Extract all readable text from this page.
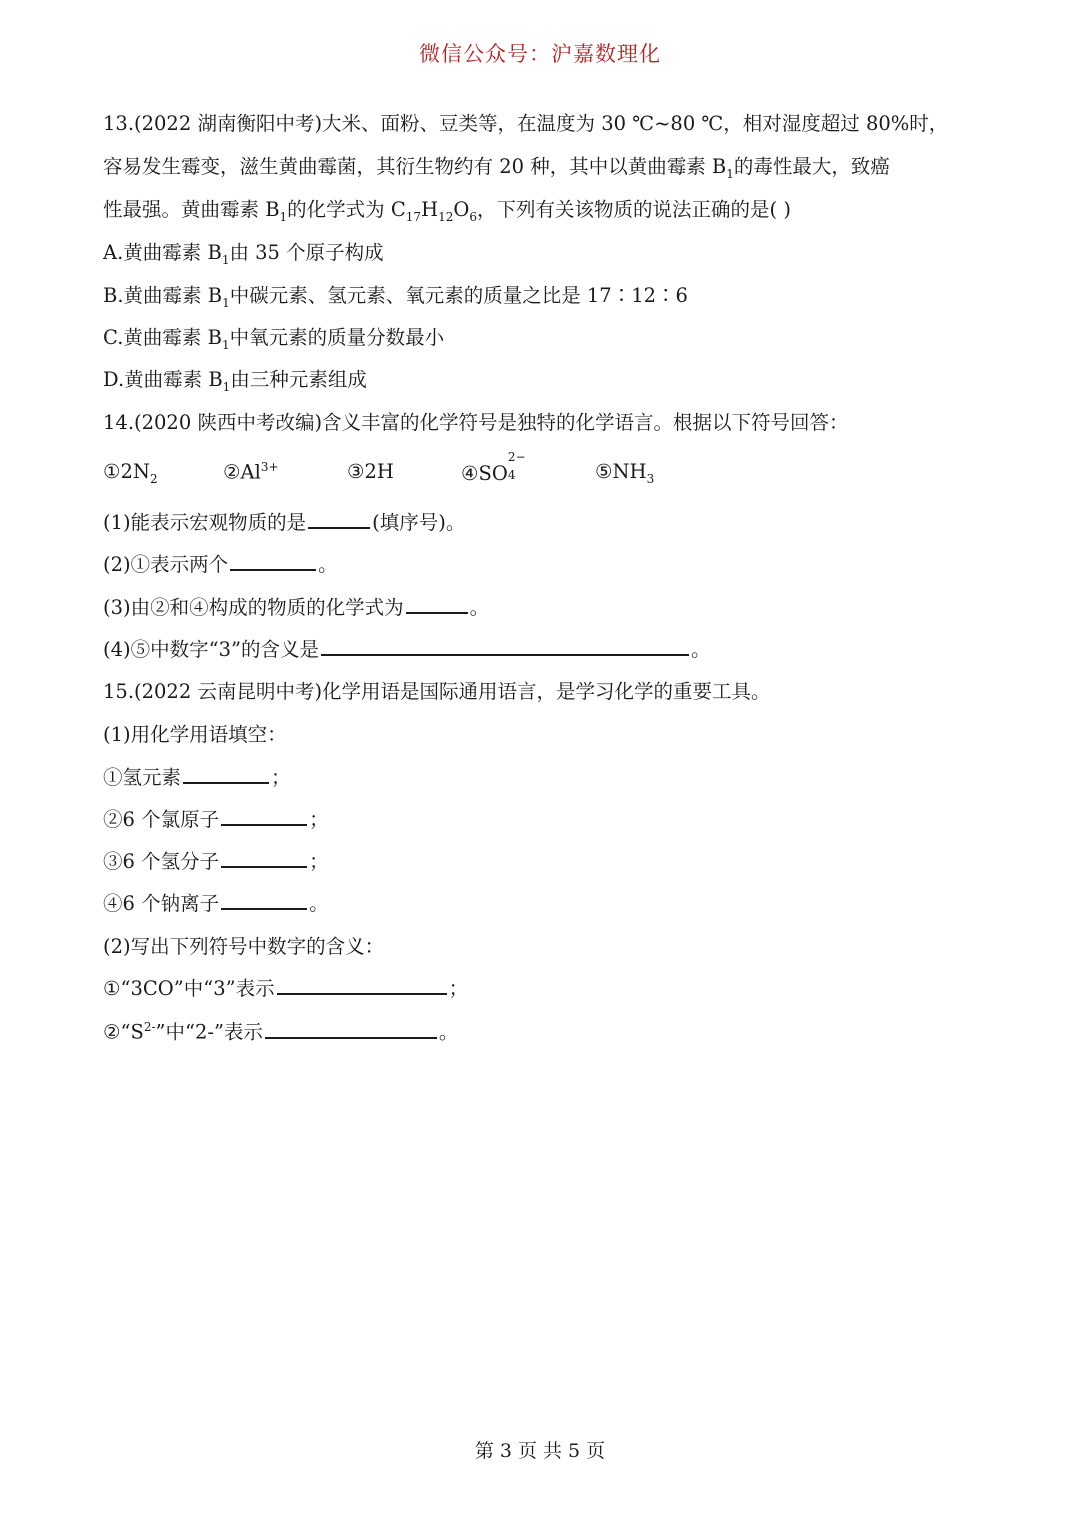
微信公众号：沪嘉数理化
13.(2022 湖南衡阳中考)大米、面粉、豆类等，在温度为 30 ℃~80 ℃，相对湿度超过 80%时，
容易发生霉变，滋生黄曲霉菌，其衍生物约有 20 种，其中以黄曲霉素 $B_1$的毒性最大，致癌
性最强。黄曲霉素 $B_1$的化学式为 $C_{17}H_{12}O_6$，下列有关该物质的说法正确的是( )
A.黄曲霉素 $B_1$由 35 个原子构成
B.黄曲霉素 $B_1$中碳元素、氢元素、氧元素的质量之比是 17∶12∶6
C.黄曲霉素 $B_1$中氧元素的质量分数最小
D.黄曲霉素 $B_1$由三种元素组成
14.(2020 陕西中考改编)含义丰富的化学符号是独特的化学语言。根据以下符号回答：
$①2N_2$	$②Al^{3+}$	③2H	④SO
2−
4	$⑤NH_3$
(1)能表示宏观物质的是	(填序号)。
(2)①表示两个	。
(3)由②和④构成的物质的化学式为	。
(4)⑤中数字“3”的含义是	。
15.(2022 云南昆明中考)化学用语是国际通用语言，是学习化学的重要工具。
(1)用化学用语填空：
①氢元素	；
②6 个氯原子	；
③6 个氢分子	；
④6 个钠离子	。
(2)写出下列符号中数字的含义：
①“3CO”中“3”表示	；
$②“S^{2-}$”中“2-”表示	。
第 3 页 共 5 页
